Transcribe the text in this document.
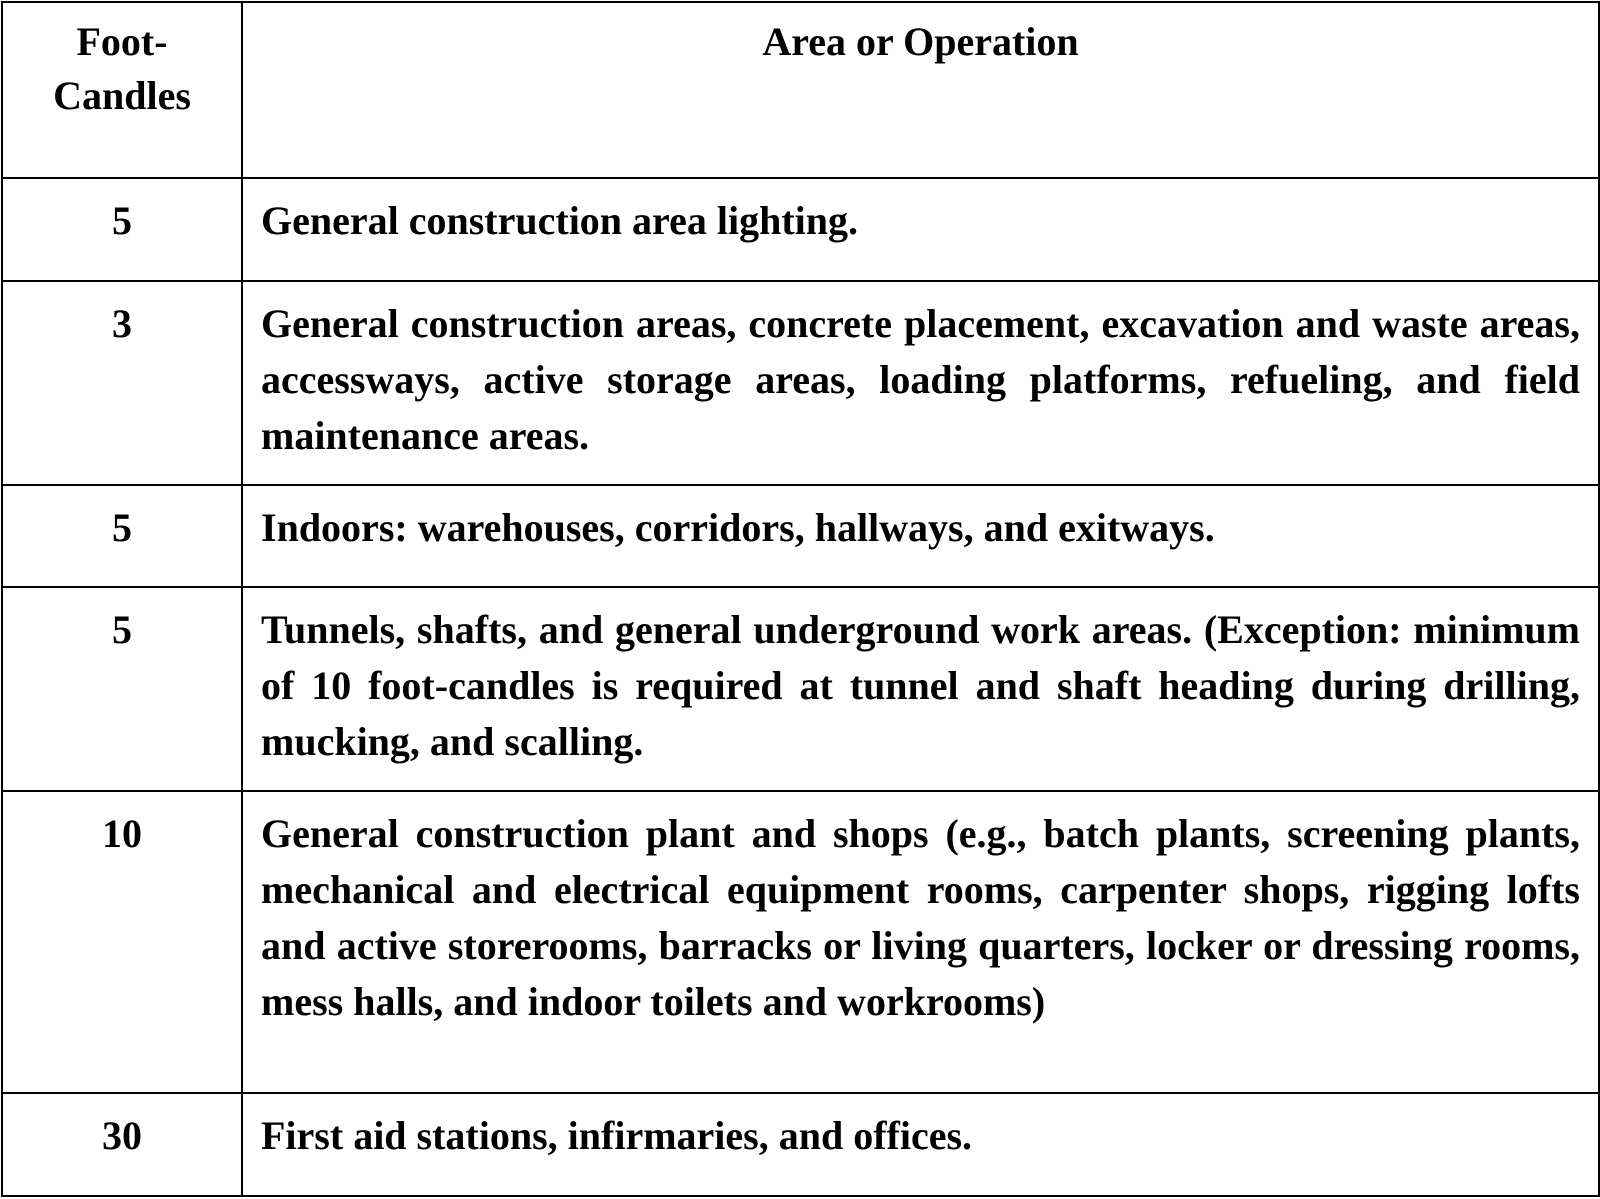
Foot-Candles	Area or Operation
5	General construction area lighting.
3	General construction areas, concrete placement, excavation and waste areas, accessways, active storage areas, loading platforms, refueling, and field maintenance areas.
5	Indoors: warehouses, corridors, hallways, and exitways.
5	Tunnels, shafts, and general underground work areas. (Exception: minimum of 10 foot-candles is required at tunnel and shaft heading during drilling, mucking, and scalling.
10	General construction plant and shops (e.g., batch plants, screening plants, mechanical and electrical equipment rooms, carpenter shops, rigging lofts and active storerooms, barracks or living quarters, locker or dressing rooms, mess halls, and indoor toilets and workrooms)
30	First aid stations, infirmaries, and offices.
